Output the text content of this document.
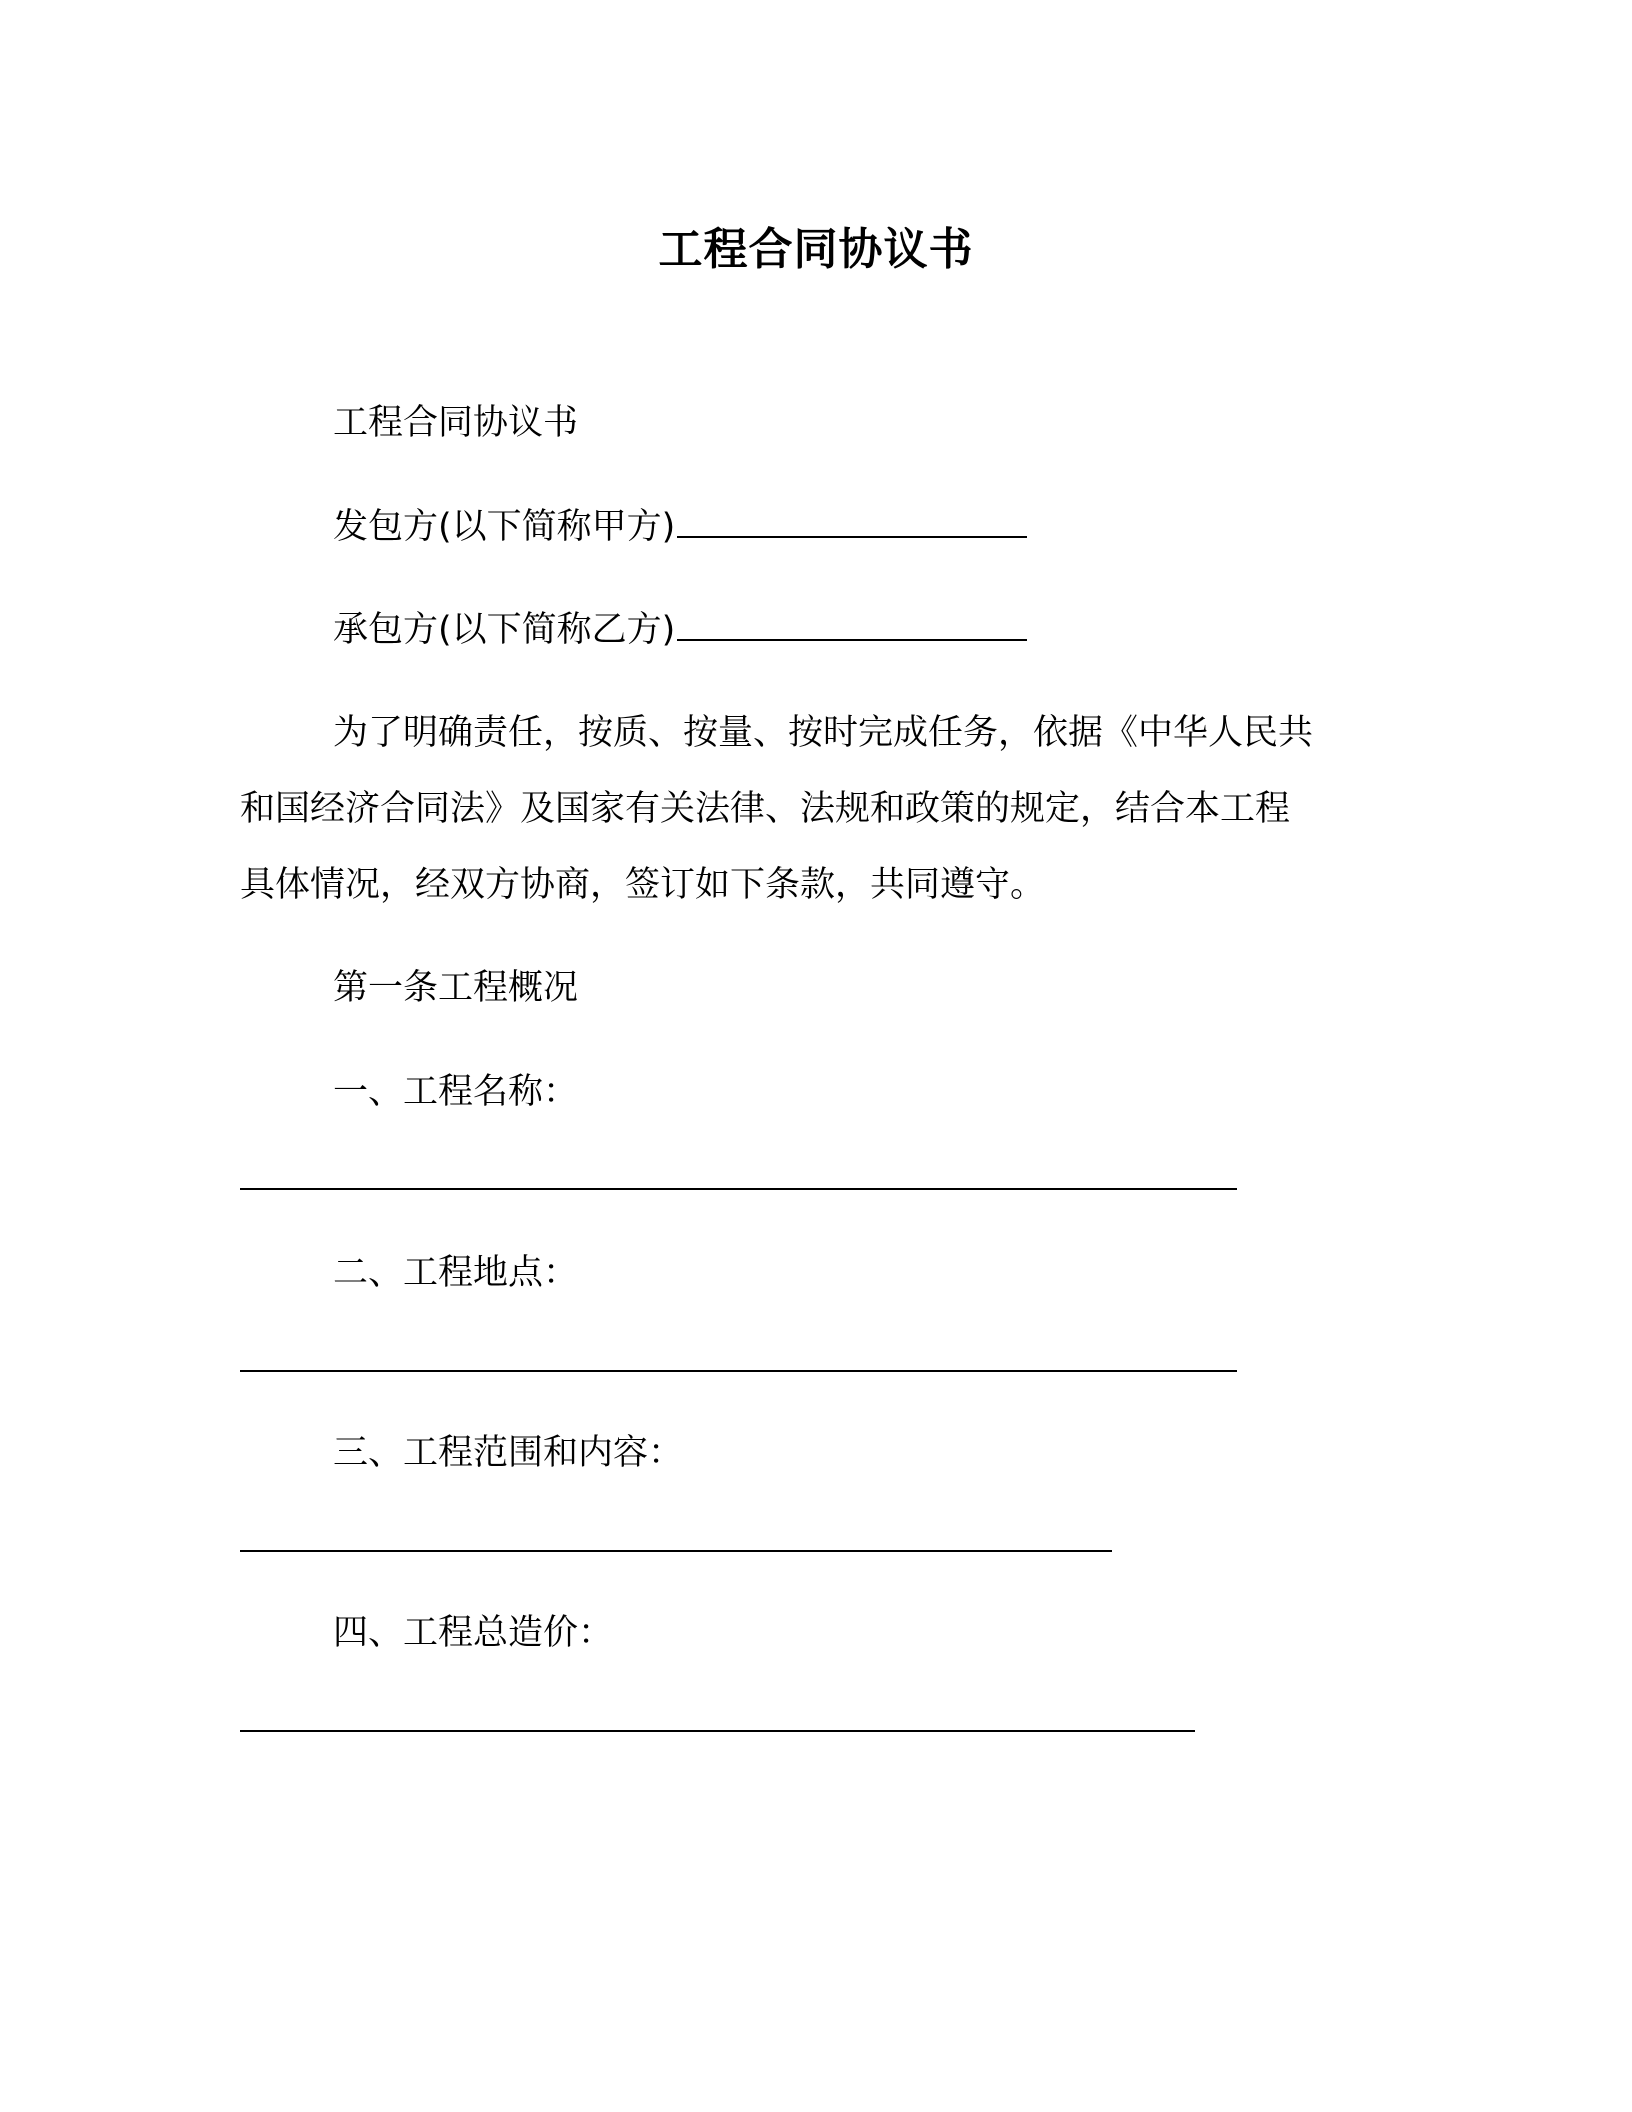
工程合同协议书
工程合同协议书
发包方(以下简称甲方)
承包方(以下简称乙方)
为了明确责任，按质、按量、按时完成任务，依据《中华人民共
和国经济合同法》及国家有关法律、法规和政策的规定，结合本工程
具体情况，经双方协商，签订如下条款，共同遵守。
第一条工程概况
一、工程名称：
二、工程地点：
三、工程范围和内容：
四、工程总造价：
